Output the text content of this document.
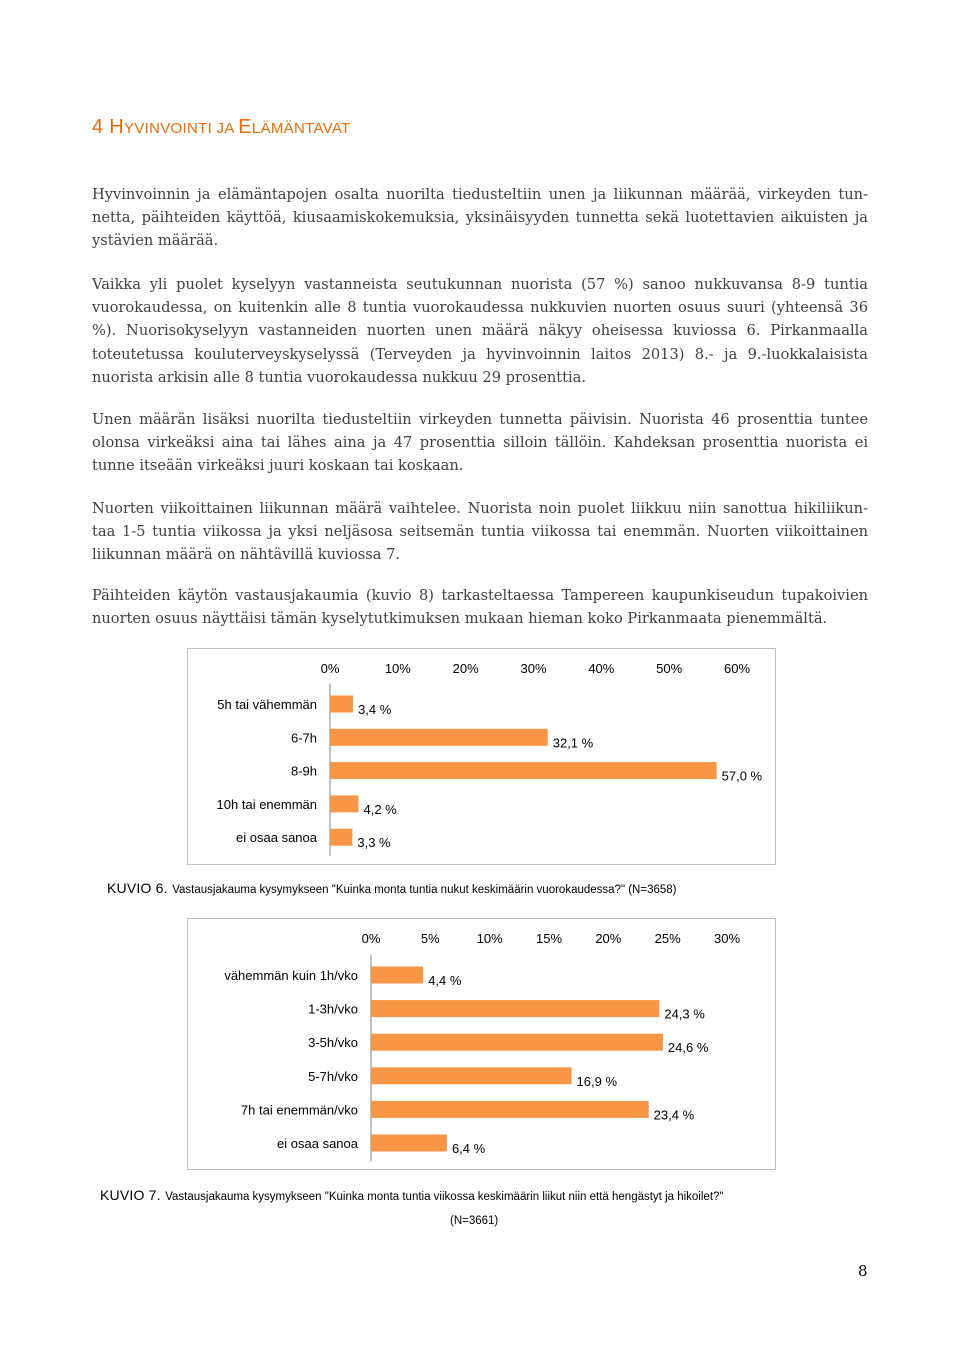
4 HYVINVOINTI JA ELÄMÄNTAVAT

Hyvinvoinnin ja elämäntapojen osalta nuorilta tiedusteltiin unen ja liikunnan määrää, virkeyden tun-netta, päihteiden käyttöä, kiusaamiskokemuksia, yksinäisyyden tunnetta sekä luotettavien aikuisten ja ystävien määrää.

Vaikka yli puolet kyselyyn vastanneista seutukunnan nuorista (57 %) sanoo nukkuvansa 8-9 tuntia vuorokaudessa, on kuitenkin alle 8 tuntia vuorokaudessa nukkuvien nuorten osuus suuri (yhteensä 36 %). Nuorisokyselyyn vastanneiden nuorten unen määrä näkyy oheisessa kuviossa 6. Pirkanmaalla toteutetussa kouluterveyskyselyssä (Terveyden ja hyvinvoinnin laitos 2013) 8.- ja 9.-luokkalaisista nuorista arkisin alle 8 tuntia vuorokaudessa nukkuu 29 prosenttia.

Unen määrän lisäksi nuorilta tiedusteltiin virkeyden tunnetta päivisin. Nuorista 46 prosenttia tuntee olonsa virkeäksi aina tai lähes aina ja 47 prosenttia silloin tällöin. Kahdeksan prosenttia nuorista ei tunne itseään virkeäksi juuri koskaan tai koskaan.

Nuorten viikoittainen liikunnan määrä vaihtelee. Nuorista noin puolet liikkuu niin sanottua hikiliikun-taa 1-5 tuntia viikossa ja yksi neljäsosa seitsemän tuntia viikossa tai enemmän. Nuorten viikoittainen liikunnan määrä on nähtävillä kuviossa 7.

Päihteiden käytön vastausjakaumia (kuvio 8) tarkasteltaessa Tampereen kaupunkiseudun tupakoivien nuorten osuus näyttäisi tämän kyselytutkimuksen mukaan hieman koko Pirkanmaata pienemmältä.

0%	10%	20%	30%	40%	50%	60%
5h tai vähemmän	3,4 %
6-7h	32,1 %
8-9h	57,0 %
10h tai enemmän	4,2 %
ei osaa sanoa	3,3 %
KUVIO 6. Vastausjakauma kysymykseen "Kuinka monta tuntia nukut keskimäärin vuorokaudessa?" (N=3658)
0%	5%	10%	15%	20%	25%	30%
vähemmän kuin 1h/vko	4,4 %
1-3h/vko	24,3 %
3-5h/vko	24,6 %
5-7h/vko	16,9 %
7h tai enemmän/vko	23,4 %
ei osaa sanoa	6,4 %
KUVIO 7. Vastausjakauma kysymykseen "Kuinka monta tuntia viikossa keskimäärin liikut niin että hengästyt ja hikoilet?"
(N=3661)
8
